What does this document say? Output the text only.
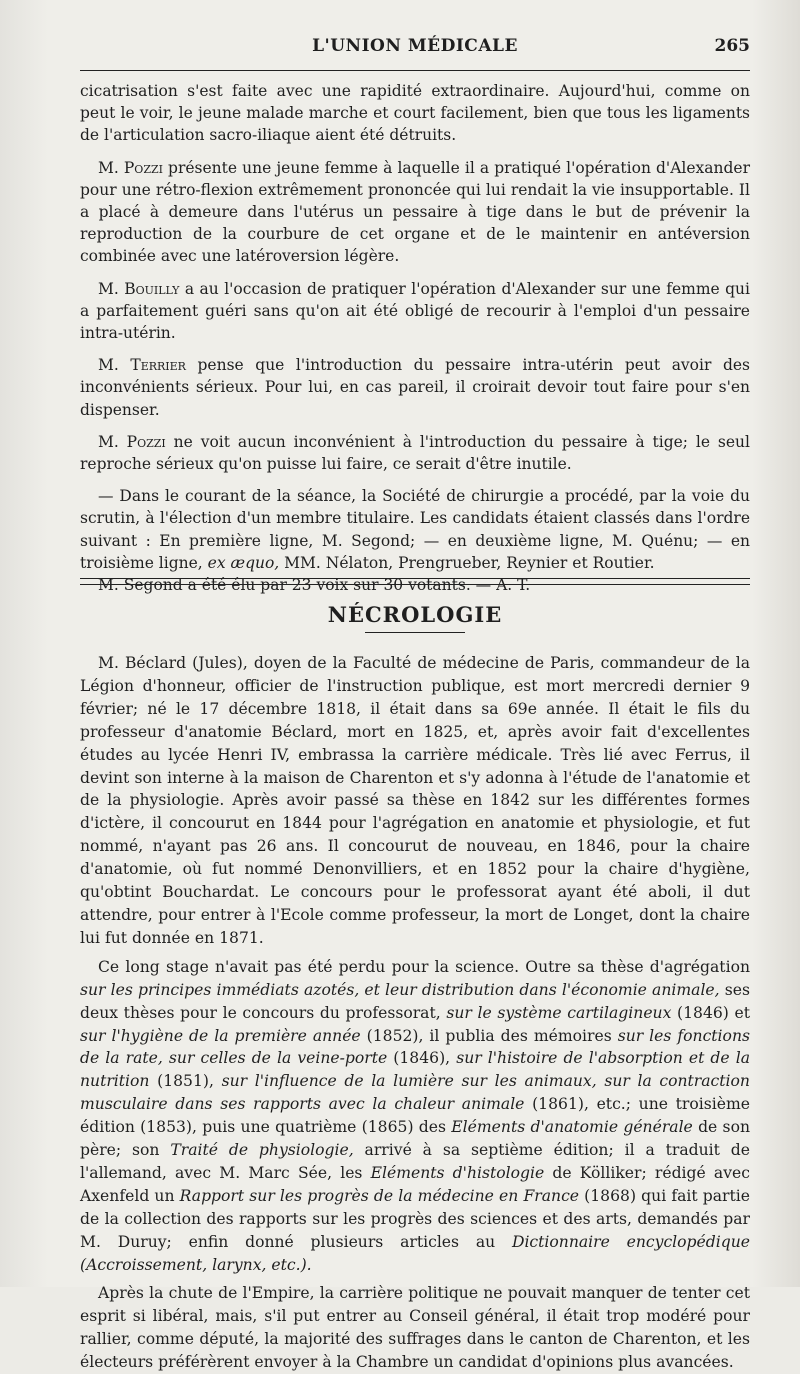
L'UNION MÉDICALE	265

cicatrisation s'est faite avec une rapidité extraordinaire. Aujourd'hui, comme on peut le voir, le jeune malade marche et court facilement, bien que tous les ligaments de l'articulation sacro-iliaque aient été détruits.

M. Pozzi présente une jeune femme à laquelle il a pratiqué l'opération d'Alexander pour une rétro-flexion extrêmement prononcée qui lui rendait la vie insupportable. Il a placé à demeure dans l'utérus un pessaire à tige dans le but de prévenir la reproduction de la courbure de cet organe et de le maintenir en antéversion combinée avec une latéroversion légère.

M. Bouilly a au l'occasion de pratiquer l'opération d'Alexander sur une femme qui a parfaitement guéri sans qu'on ait été obligé de recourir à l'emploi d'un pessaire intra-utérin.

M. Terrier pense que l'introduction du pessaire intra-utérin peut avoir des inconvénients sérieux. Pour lui, en cas pareil, il croirait devoir tout faire pour s'en dispenser.

M. Pozzi ne voit aucun inconvénient à l'introduction du pessaire à tige; le seul reproche sérieux qu'on puisse lui faire, ce serait d'être inutile.

— Dans le courant de la séance, la Société de chirurgie a procédé, par la voie du scrutin, à l'élection d'un membre titulaire. Les candidats étaient classés dans l'ordre suivant : En première ligne, M. Segond; — en deuxième ligne, M. Quénu; — en troisième ligne, ex æquo, MM. Nélaton, Prengrueber, Reynier et Routier.

M. Segond a été élu par 23 voix sur 30 votants. — A. T.

NÉCROLOGIE

M. Béclard (Jules), doyen de la Faculté de médecine de Paris, commandeur de la Légion d'honneur, officier de l'instruction publique, est mort mercredi dernier 9 février; né le 17 décembre 1818, il était dans sa 69e année. Il était le fils du professeur d'anatomie Béclard, mort en 1825, et, après avoir fait d'excellentes études au lycée Henri IV, embrassa la carrière médicale. Très lié avec Ferrus, il devint son interne à la maison de Charenton et s'y adonna à l'étude de l'anatomie et de la physiologie. Après avoir passé sa thèse en 1842 sur les différentes formes d'ictère, il concourut en 1844 pour l'agrégation en anatomie et physiologie, et fut nommé, n'ayant pas 26 ans. Il concourut de nouveau, en 1846, pour la chaire d'anatomie, où fut nommé Denonvilliers, et en 1852 pour la chaire d'hygiène, qu'obtint Bouchardat. Le concours pour le professorat ayant été aboli, il dut attendre, pour entrer à l'Ecole comme professeur, la mort de Longet, dont la chaire lui fut donnée en 1871.

Ce long stage n'avait pas été perdu pour la science. Outre sa thèse d'agrégation sur les principes immédiats azotés, et leur distribution dans l'économie animale, ses deux thèses pour le concours du professorat, sur le système cartilagineux (1846) et sur l'hygiène de la première année (1852), il publia des mémoires sur les fonctions de la rate, sur celles de la veine-porte (1846), sur l'histoire de l'absorption et de la nutrition (1851), sur l'influence de la lumière sur les animaux, sur la contraction musculaire dans ses rapports avec la chaleur animale (1861), etc.; une troisième édition (1853), puis une quatrième (1865) des Eléments d'anatomie générale de son père; son Traité de physiologie, arrivé à sa septième édition; il a traduit de l'allemand, avec M. Marc Sée, les Eléments d'histologie de Kölliker; rédigé avec Axenfeld un Rapport sur les progrès de la médecine en France (1868) qui fait partie de la collection des rapports sur les progrès des sciences et des arts, demandés par M. Duruy; enfin donné plusieurs articles au Dictionnaire encyclopédique (Accroissement, larynx, etc.).

Après la chute de l'Empire, la carrière politique ne pouvait manquer de tenter cet esprit si libéral, mais, s'il put entrer au Conseil général, il était trop modéré pour rallier, comme député, la majorité des suffrages dans le canton de Charenton, et les électeurs préférèrent envoyer à la Chambre un candidat d'opinions plus avancées.
